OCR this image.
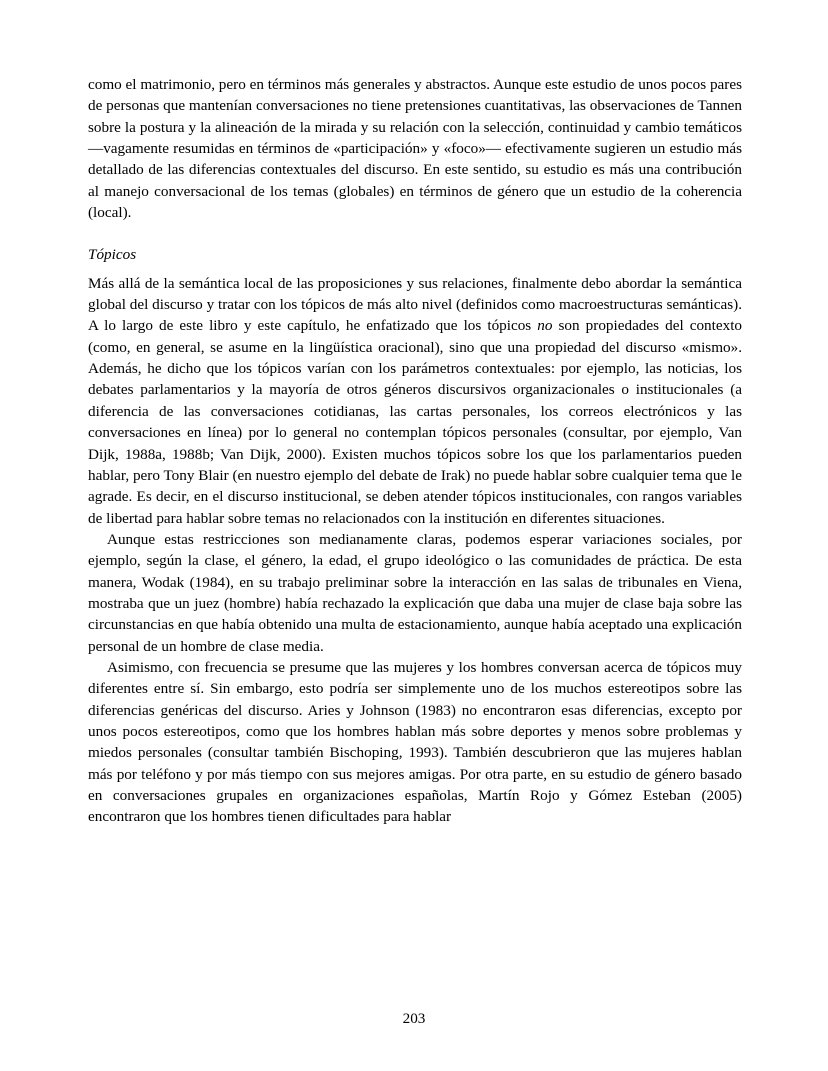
como el matrimonio, pero en términos más generales y abstractos. Aunque este estudio de unos pocos pares de personas que mantenían conversaciones no tiene pretensiones cuantitativas, las observaciones de Tannen sobre la postura y la alineación de la mirada y su relación con la selección, continuidad y cambio temáticos —vagamente resumidas en términos de «participación» y «foco»— efectivamente sugieren un estudio más detallado de las diferencias contextuales del discurso. En este sentido, su estudio es más una contribución al manejo conversacional de los temas (globales) en términos de género que un estudio de la coherencia (local).

Tópicos

Más allá de la semántica local de las proposiciones y sus relaciones, finalmente debo abordar la semántica global del discurso y tratar con los tópicos de más alto nivel (definidos como macroestructuras semánticas). A lo largo de este libro y este capítulo, he enfatizado que los tópicos no son propiedades del contexto (como, en general, se asume en la lingüística oracional), sino que una propiedad del discurso «mismo». Además, he dicho que los tópicos varían con los parámetros contextuales: por ejemplo, las noticias, los debates parlamentarios y la mayoría de otros géneros discursivos organizacionales o institucionales (a diferencia de las conversaciones cotidianas, las cartas personales, los correos electrónicos y las conversaciones en línea) por lo general no contemplan tópicos personales (consultar, por ejemplo, Van Dijk, 1988a, 1988b; Van Dijk, 2000). Existen muchos tópicos sobre los que los parlamentarios pueden hablar, pero Tony Blair (en nuestro ejemplo del debate de Irak) no puede hablar sobre cualquier tema que le agrade. Es decir, en el discurso institucional, se deben atender tópicos institucionales, con rangos variables de libertad para hablar sobre temas no relacionados con la institución en diferentes situaciones.

Aunque estas restricciones son medianamente claras, podemos esperar variaciones sociales, por ejemplo, según la clase, el género, la edad, el grupo ideológico o las comunidades de práctica. De esta manera, Wodak (1984), en su trabajo preliminar sobre la interacción en las salas de tribunales en Viena, mostraba que un juez (hombre) había rechazado la explicación que daba una mujer de clase baja sobre las circunstancias en que había obtenido una multa de estacionamiento, aunque había aceptado una explicación personal de un hombre de clase media.

Asimismo, con frecuencia se presume que las mujeres y los hombres conversan acerca de tópicos muy diferentes entre sí. Sin embargo, esto podría ser simplemente uno de los muchos estereotipos sobre las diferencias genéricas del discurso. Aries y Johnson (1983) no encontraron esas diferencias, excepto por unos pocos estereotipos, como que los hombres hablan más sobre deportes y menos sobre problemas y miedos personales (consultar también Bischoping, 1993). También descubrieron que las mujeres hablan más por teléfono y por más tiempo con sus mejores amigas. Por otra parte, en su estudio de género basado en conversaciones grupales en organizaciones españolas, Martín Rojo y Gómez Esteban (2005) encontraron que los hombres tienen dificultades para hablar

203
